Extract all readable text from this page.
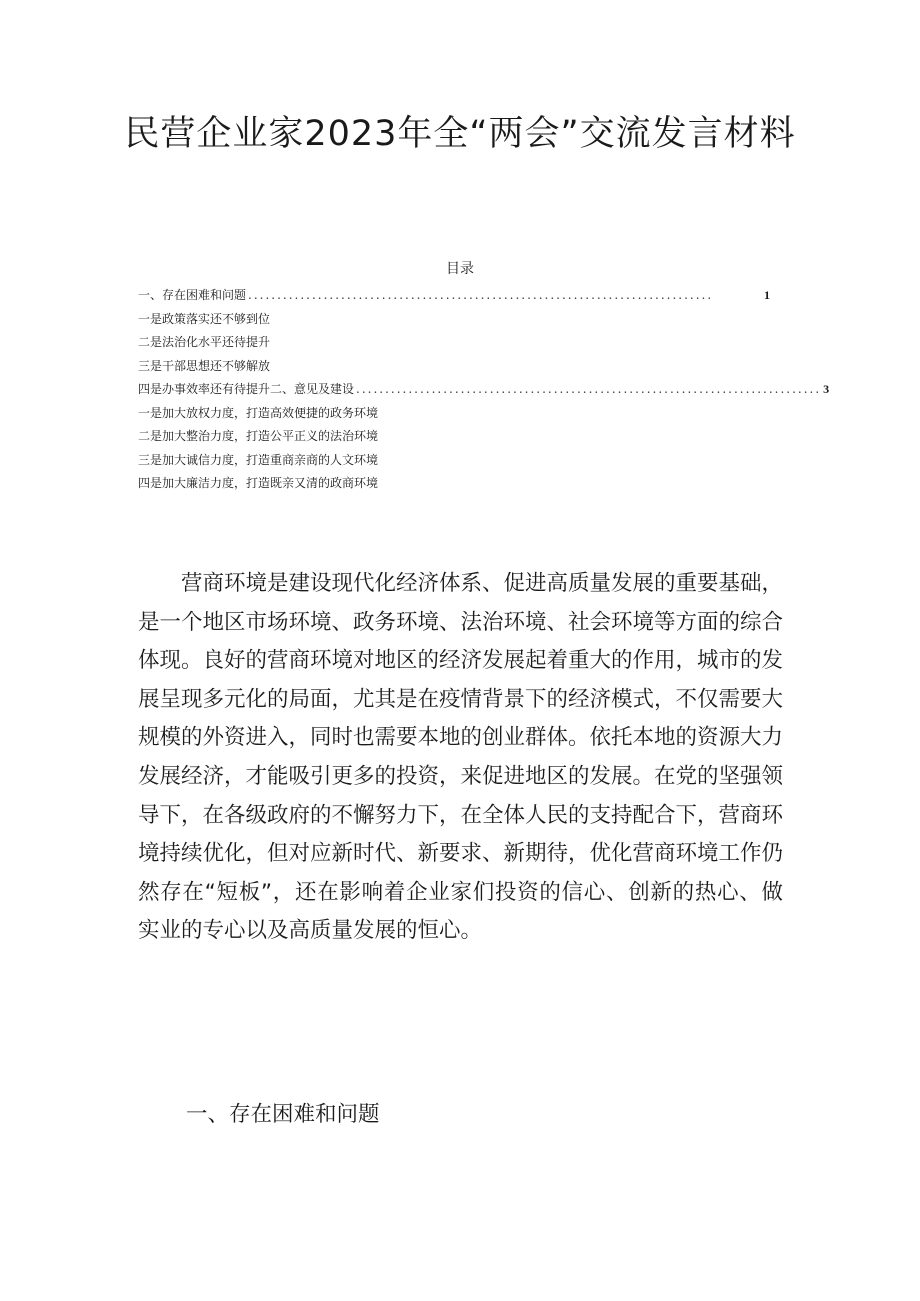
民营企业家2023年全“两会”交流发言材料

目录

一、存在困难和问题 ................................................................................	1
一是政策落实还不够到位
二是法治化水平还待提升
三是干部思想还不够解放
四是办事效率还有待提升二、意见及建设 ................................................................................ 3
一是加大放权力度，打造高效便捷的政务环境
二是加大整治力度，打造公平正义的法治环境
三是加大诚信力度，打造重商亲商的人文环境
四是加大廉洁力度，打造既亲又清的政商环境

营商环境是建设现代化经济体系、促进高质量发展的重要基础，是一个地区市场环境、政务环境、法治环境、社会环境等方面的综合体现。良好的营商环境对地区的经济发展起着重大的作用，城市的发展呈现多元化的局面，尤其是在疫情背景下的经济模式，不仅需要大规模的外资进入，同时也需要本地的创业群体。依托本地的资源大力发展经济，才能吸引更多的投资，来促进地区的发展。在党的坚强领导下，在各级政府的不懈努力下，在全体人民的支持配合下，营商环境持续优化，但对应新时代、新要求、新期待，优化营商环境工作仍然存在“短板”，还在影响着企业家们投资的信心、创新的热心、做实业的专心以及高质量发展的恒心。

一、存在困难和问题
